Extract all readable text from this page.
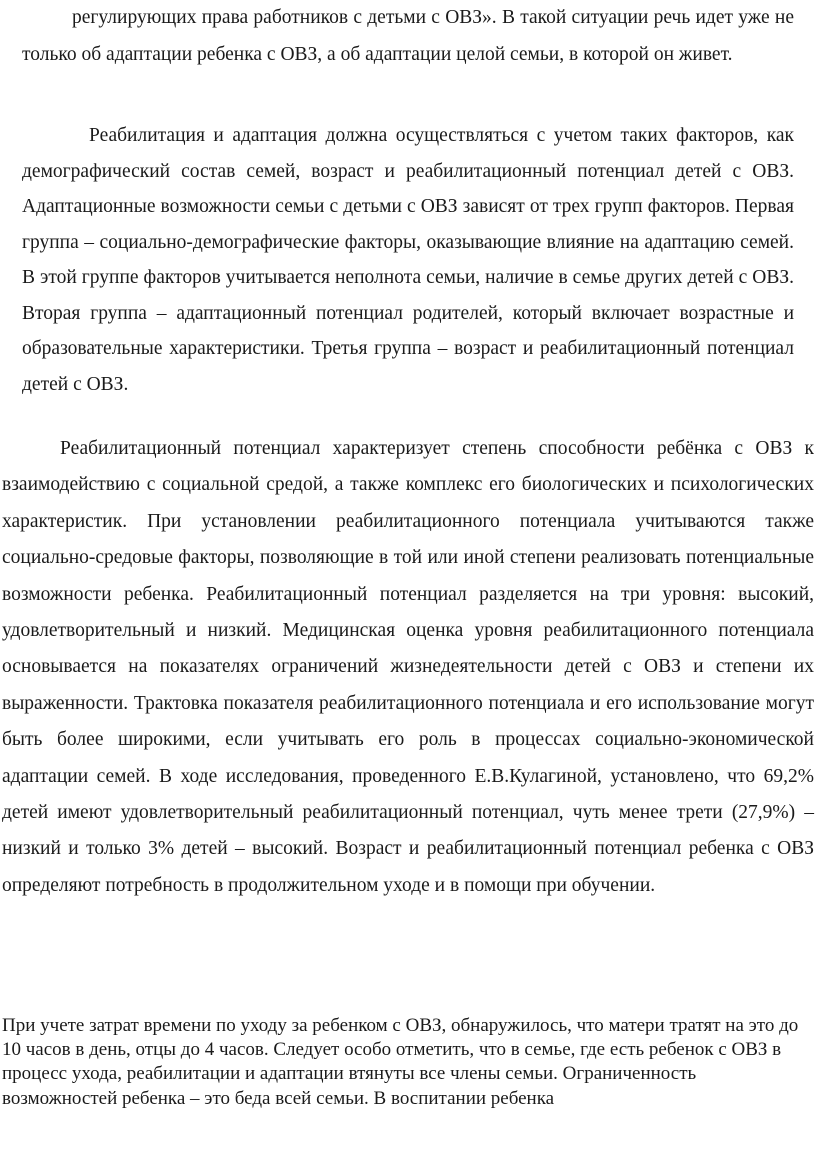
регулирующих права работников с детьми с ОВЗ». В такой ситуации речь идет уже не только об адаптации ребенка с ОВЗ, а об адаптации целой семьи, в которой он живет.

Реабилитация и адаптация должна осуществляться с учетом таких факторов, как демографический состав семей, возраст и реабилитационный потенциал детей с ОВЗ. Адаптационные возможности семьи с детьми с ОВЗ зависят от трех групп факторов. Первая группа – социально-демографические факторы, оказывающие влияние на адаптацию семей. В этой группе факторов учитывается неполнота семьи, наличие в семье других детей с ОВЗ. Вторая группа – адаптационный потенциал родителей, который включает возрастные и образовательные характеристики. Третья группа – возраст и реабилитационный потенциал детей с ОВЗ.

Реабилитационный потенциал характеризует степень способности ребёнка с ОВЗ к взаимодействию с социальной средой, а также комплекс его биологических и психологических характеристик. При установлении реабилитационного потенциала учитываются также социально-средовые факторы, позволяющие в той или иной степени реализовать потенциальные возможности ребенка. Реабилитационный потенциал разделяется на три уровня: высокий, удовлетворительный и низкий. Медицинская оценка уровня реабилитационного потенциала основывается на показателях ограничений жизнедеятельности детей с ОВЗ и степени их выраженности. Трактовка показателя реабилитационного потенциала и его использование могут быть более широкими, если учитывать его роль в процессах социально-экономической адаптации семей. В ходе исследования, проведенного Е.В.Кулагиной, установлено, что 69,2% детей имеют удовлетворительный реабилитационный потенциал, чуть менее трети (27,9%) – низкий и только 3% детей – высокий. Возраст и реабилитационный потенциал ребенка с ОВЗ определяют потребность в продолжительном уходе и в помощи при обучении.

При учете затрат времени по уходу за ребенком с ОВЗ, обнаружилось, что матери тратят на это до 10 часов в день, отцы до 4 часов. Следует особо отметить, что в семье, где есть ребенок с ОВЗ в процесс ухода, реабилитации и адаптации втянуты все члены семьи. Ограниченность возможностей ребенка – это беда всей семьи. В воспитании ребенка
